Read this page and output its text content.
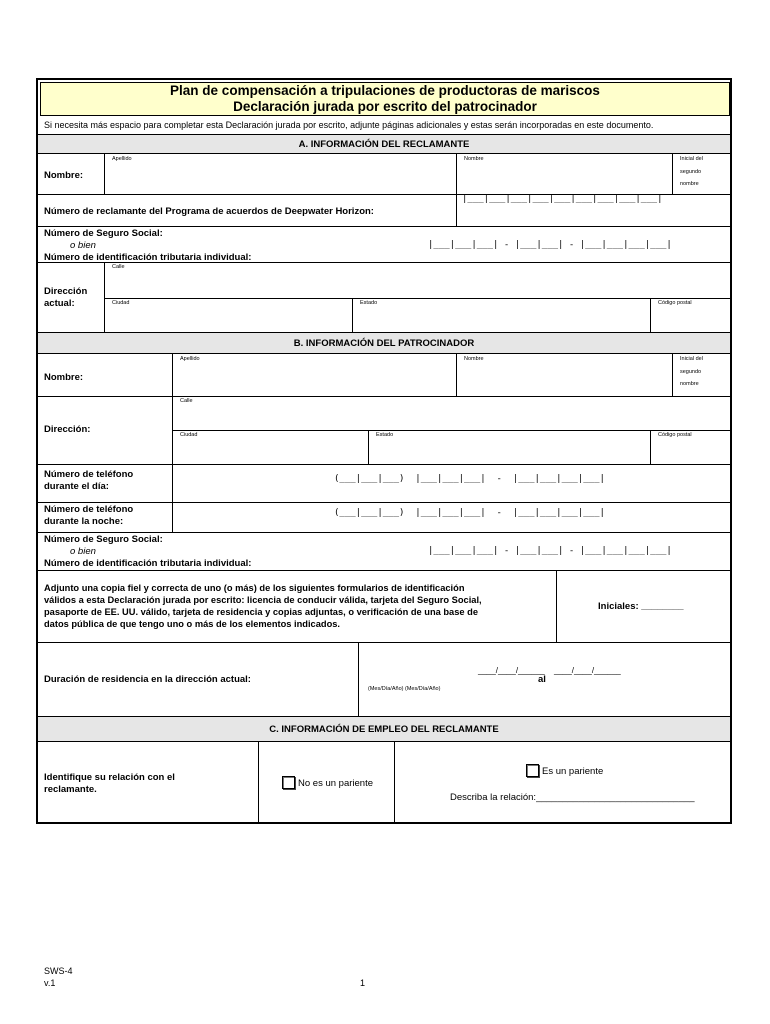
Plan de compensación a tripulaciones de productoras de mariscos
Declaración jurada por escrito del patrocinador
Si necesita más espacio para completar esta Declaración jurada por escrito, adjunte páginas adicionales y estas serán incorporadas en este documento.
A. INFORMACIÓN DEL RECLAMANTE
Nombre:
Apellido	Nombre	Inicial del
segundo
nombre
Número de reclamante del Programa de acuerdos de Deepwater Horizon:
|___|___|___|___|___|___|___|___|___|
Número de Seguro Social:
o bien
Número de identificación tributaria individual:
|___|___|___| - |___|___| - |___|___|___|___|
Dirección
actual:
Calle
Ciudad	Estado	Código postal
B. INFORMACIÓN DEL PATROCINADOR
Nombre:
Apellido	Nombre	Inicial del
segundo
nombre
Dirección:
Calle
Ciudad	Estado	Código postal
Número de teléfono
durante el día:
(___|___|___)  |___|___|___|  -  |___|___|___|___|
Número de teléfono
durante la noche:
(___|___|___)  |___|___|___|  -  |___|___|___|___|
Número de Seguro Social:
o bien
Número de identificación tributaria individual:
|___|___|___| - |___|___| - |___|___|___|___|
Adjunto una copia fiel y correcta de uno (o más) de los siguientes formularios de identificación
válidos a esta Declaración jurada por escrito: licencia de conducir válida, tarjeta del Seguro Social,
pasaporte de EE. UU. válido, tarjeta de residencia y copias adjuntas, o verificación de una base de
datos pública de que tengo uno o más de los elementos indicados.
Iniciales: ________
Duración de residencia en la dirección actual:
____/____/______
al
____/____/______
(Mes/Día/Año) (Mes/Día/Año)
C. INFORMACIÓN DE EMPLEO DEL RECLAMANTE
Identifique su relación con el
reclamante.
No es un pariente
Es un pariente
Describa la relación:______________________________
SWS-4
v.1	1
